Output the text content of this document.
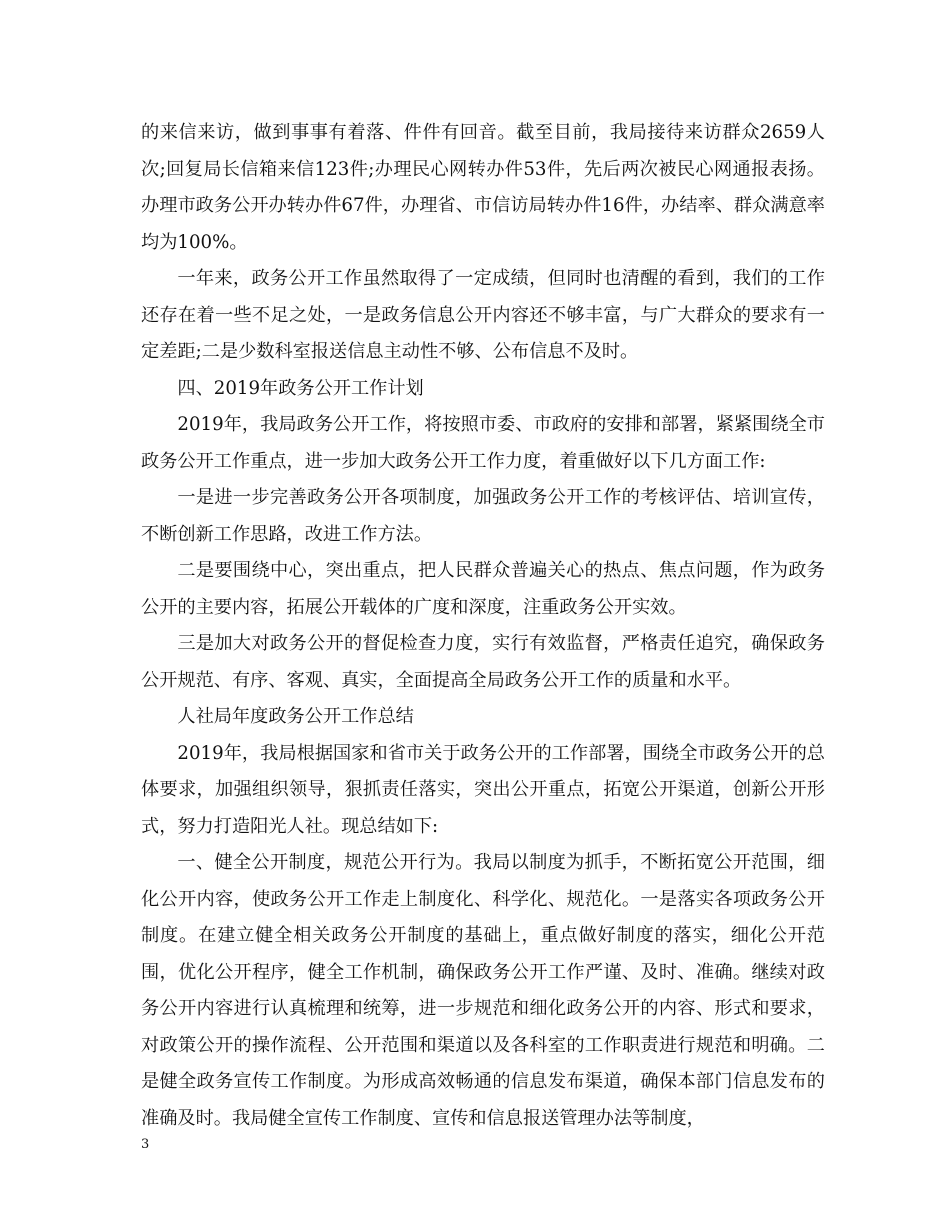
的来信来访，做到事事有着落、件件有回音。截至目前，我局接待来访群众2659人次;回复局长信箱来信123件;办理民心网转办件53件，先后两次被民心网通报表扬。办理市政务公开办转办件67件，办理省、市信访局转办件16件，办结率、群众满意率均为100%。

一年来，政务公开工作虽然取得了一定成绩，但同时也清醒的看到，我们的工作还存在着一些不足之处，一是政务信息公开内容还不够丰富，与广大群众的要求有一定差距;二是少数科室报送信息主动性不够、公布信息不及时。

四、2019年政务公开工作计划

2019年，我局政务公开工作，将按照市委、市政府的安排和部署，紧紧围绕全市政务公开工作重点，进一步加大政务公开工作力度，着重做好以下几方面工作:

一是进一步完善政务公开各项制度，加强政务公开工作的考核评估、培训宣传，不断创新工作思路，改进工作方法。

二是要围绕中心，突出重点，把人民群众普遍关心的热点、焦点问题，作为政务公开的主要内容，拓展公开载体的广度和深度，注重政务公开实效。

三是加大对政务公开的督促检查力度，实行有效监督，严格责任追究，确保政务公开规范、有序、客观、真实，全面提高全局政务公开工作的质量和水平。

人社局年度政务公开工作总结

2019年，我局根据国家和省市关于政务公开的工作部署，围绕全市政务公开的总体要求，加强组织领导，狠抓责任落实，突出公开重点，拓宽公开渠道，创新公开形式，努力打造阳光人社。现总结如下:

一、健全公开制度，规范公开行为。我局以制度为抓手，不断拓宽公开范围，细化公开内容，使政务公开工作走上制度化、科学化、规范化。一是落实各项政务公开制度。在建立健全相关政务公开制度的基础上，重点做好制度的落实，细化公开范围，优化公开程序，健全工作机制，确保政务公开工作严谨、及时、准确。继续对政务公开内容进行认真梳理和统筹，进一步规范和细化政务公开的内容、形式和要求，对政策公开的操作流程、公开范围和渠道以及各科室的工作职责进行规范和明确。二是健全政务宣传工作制度。为形成高效畅通的信息发布渠道，确保本部门信息发布的准确及时。我局健全宣传工作制度、宣传和信息报送管理办法等制度，

3
